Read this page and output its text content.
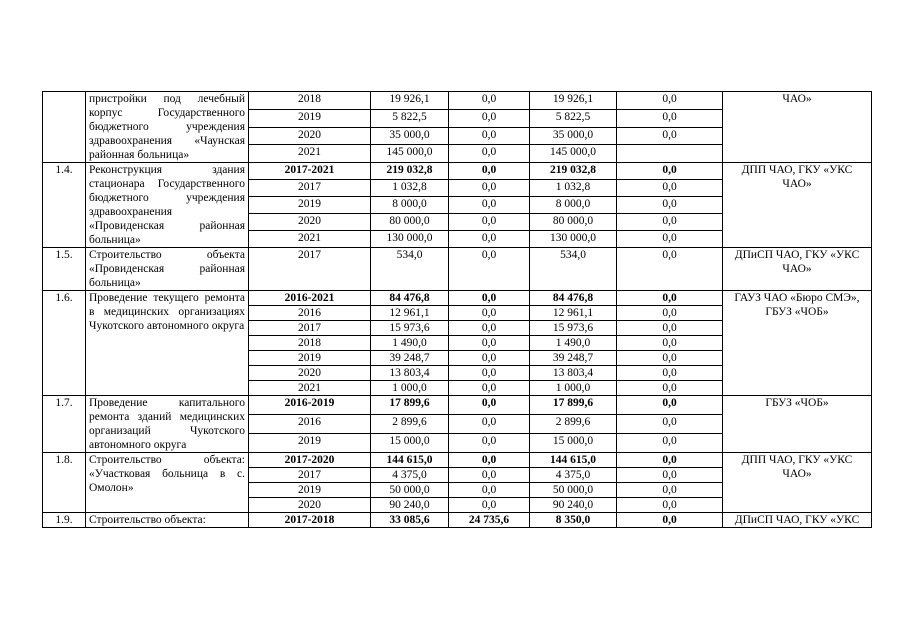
	пристройки под лечебный корпус Государственного бюджетного учреждения здравоохранения «Чаунская районная больница»	2018	19 926,1	0,0	19 926,1	0,0	ЧАО»
		2019	5 822,5	0,0	5 822,5	0,0	
		2020	35 000,0	0,0	35 000,0	0,0	
		2021	145 000,0	0,0	145 000,0		
1.4.	Реконструкция здания стационара Государственного бюджетного учреждения здравоохранения «Провиденская районная больница»	2017-2021	219 032,8	0,0	219 032,8	0,0	ДПП ЧАО, ГКУ «УКС ЧАО»
		2017	1 032,8	0,0	1 032,8	0,0	
		2019	8 000,0	0,0	8 000,0	0,0	
		2020	80 000,0	0,0	80 000,0	0,0	
		2021	130 000,0	0,0	130 000,0	0,0	
1.5.	Строительство объекта «Провиденская районная больница»	2017	534,0	0,0	534,0	0,0	ДПиСП ЧАО, ГКУ «УКС ЧАО»
1.6.	Проведение текущего ремонта в медицинских организациях Чукотского автономного округа	2016-2021	84 476,8	0,0	84 476,8	0,0	ГАУЗ ЧАО «Бюро СМЭ», ГБУЗ «ЧОБ»
		2016	12 961,1	0,0	12 961,1	0,0	
		2017	15 973,6	0,0	15 973,6	0,0	
		2018	1 490,0	0,0	1 490,0	0,0	
		2019	39 248,7	0,0	39 248,7	0,0	
		2020	13 803,4	0,0	13 803,4	0,0	
		2021	1 000,0	0,0	1 000,0	0,0	
1.7.	Проведение капитального ремонта зданий медицинских организаций Чукотского автономного округа	2016-2019	17 899,6	0,0	17 899,6	0,0	ГБУЗ «ЧОБ»
		2016	2 899,6	0,0	2 899,6	0,0	
		2019	15 000,0	0,0	15 000,0	0,0	
1.8.	Строительство объекта: «Участковая больница в с. Омолон»	2017-2020	144 615,0	0,0	144 615,0	0,0	ДПП ЧАО, ГКУ «УКС ЧАО»
		2017	4 375,0	0,0	4 375,0	0,0	
		2019	50 000,0	0,0	50 000,0	0,0	
		2020	90 240,0	0,0	90 240,0	0,0	
1.9.	Строительство объекта:	2017-2018	33 085,6	24 735,6	8 350,0	0,0	ДПиСП ЧАО, ГКУ «УКС
